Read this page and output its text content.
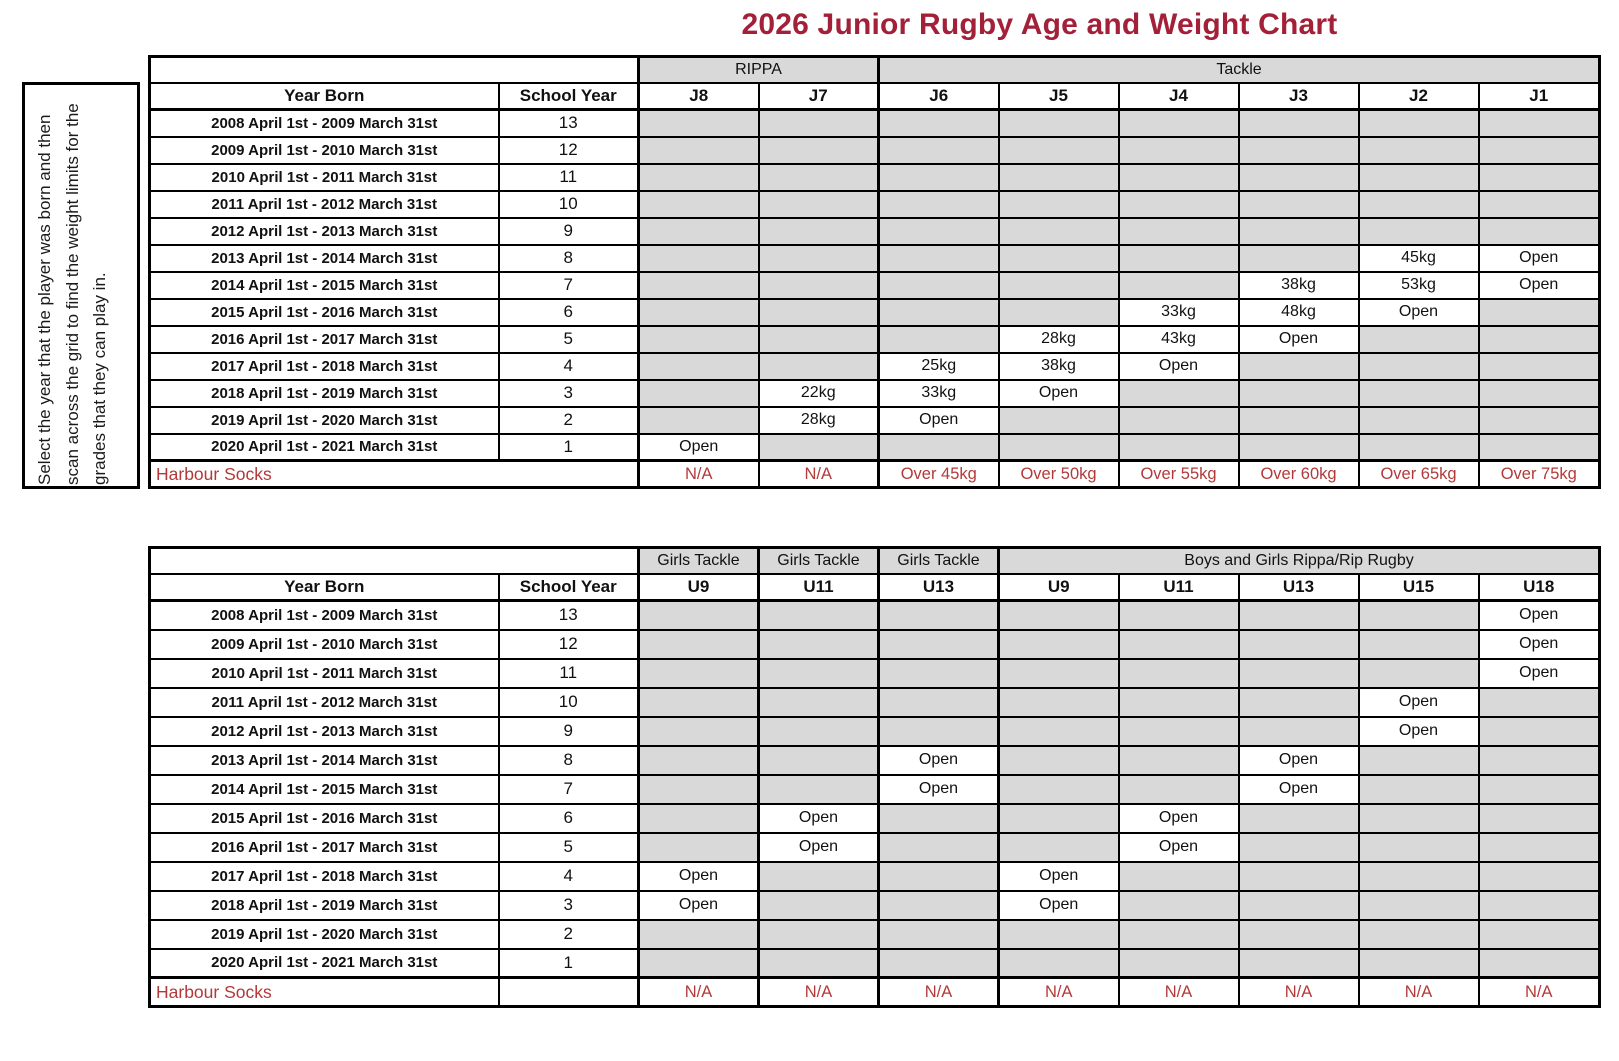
2026 Junior Rugby Age and Weight Chart
Select the year that the player was born and then scan across the grid to find the weight limits for the grades that they can play in.
		RIPPA		Tackle					
Year Born	School Year	J8	J7	J6	J5	J4	J3	J2	J1
2008 April 1st - 2009 March 31st	13								
2009 April 1st - 2010 March 31st	12								
2010 April 1st - 2011 March 31st	11								
2011 April 1st - 2012 March 31st	10								
2012 April 1st - 2013 March 31st	9								
2013 April 1st - 2014 March 31st	8							45kg	Open
2014 April 1st - 2015 March 31st	7						38kg	53kg	Open
2015 April 1st - 2016 March 31st	6					33kg	48kg	Open	
2016 April 1st - 2017 March 31st	5				28kg	43kg	Open		
2017 April 1st - 2018 March 31st	4			25kg	38kg	Open			
2018 April 1st - 2019 March 31st	3		22kg	33kg	Open				
2019 April 1st - 2020 March 31st	2		28kg	Open					
2020 April 1st - 2021 March 31st	1	Open							
Harbour Socks		N/A	N/A	Over 45kg	Over 50kg	Over 55kg	Over 60kg	Over 65kg	Over 75kg
		Girls Tackle	Girls Tackle	Girls Tackle	Boys and Girls Rippa/Rip Rugby				
Year Born	School Year	U9	U11	U13	U9	U11	U13	U15	U18
2008 April 1st - 2009 March 31st	13								Open
2009 April 1st - 2010 March 31st	12								Open
2010 April 1st - 2011 March 31st	11								Open
2011 April 1st - 2012 March 31st	10							Open	
2012 April 1st - 2013 March 31st	9							Open	
2013 April 1st - 2014 March 31st	8			Open			Open		
2014 April 1st - 2015 March 31st	7			Open			Open		
2015 April 1st - 2016 March 31st	6		Open			Open			
2016 April 1st - 2017 March 31st	5		Open			Open			
2017 April 1st - 2018 March 31st	4	Open			Open				
2018 April 1st - 2019 March 31st	3	Open			Open				
2019 April 1st - 2020 March 31st	2								
2020 April 1st - 2021 March 31st	1								
Harbour Socks		N/A	N/A	N/A	N/A	N/A	N/A	N/A	N/A
